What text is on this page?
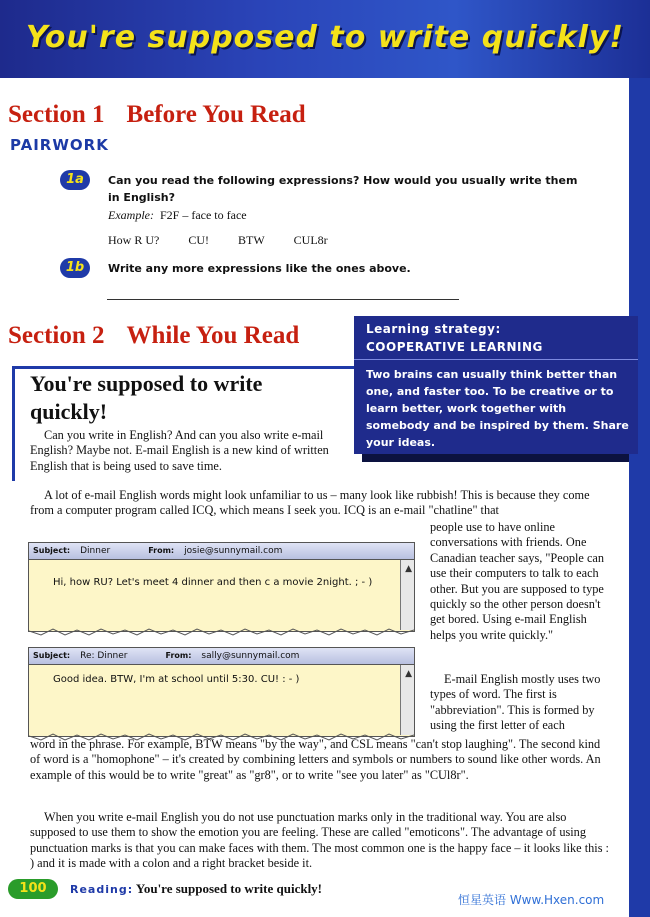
You're supposed to write quickly!
Section 1 Before You Read
PAIRWORK
1a	Can you read the following expressions? How would you usually write them in English?
Example: F2F – face to face
How R U? CU! BTW CUL8r
1b	Write any more expressions like the ones above.
Section 2 While You Read
You're supposed to write quickly!
Learning strategy:
COOPERATIVE LEARNING
Two brains can usually think better than one, and faster too. To be creative or to learn better, work together with somebody and be inspired by them. Share your ideas.
Can you write in English? And can you also write e-mail English? Maybe not. E-mail English is a new kind of written English that is being used to save time.
A lot of e-mail English words might look unfamiliar to us – many look like rubbish! This is because they come from a computer program called ICQ, which means I seek you. ICQ is an e-mail "chatline" that
people use to have online conversations with friends. One Canadian teacher says, "People can use their computers to talk to each other. But you are supposed to type quickly so the other person doesn't get bored. Using e-mail English helps you write quickly."
Subject: Dinner	From: josie@sunnymail.com
Hi, how RU? Let's meet 4 dinner and then c a movie 2night. ; - )
▲
Subject: Re: Dinner	From: sally@sunnymail.com
Good idea. BTW, I'm at school until 5:30. CU! : - )	▲	E-mail English mostly uses two types of word. The first is "abbreviation". This is formed by using the first letter of each
word in the phrase. For example, BTW means "by the way", and CSL means "can't stop laughing". The second kind of word is a "homophone" – it's created by combining letters and symbols or numbers to sound like other words. An example of this would be to write "great" as "gr8", or to write "see you later" as "CUl8r".
When you write e-mail English you do not use punctuation marks only in the traditional way. You are also supposed to use them to show the emotion you are feeling. These are called "emoticons". The advantage of using punctuation marks is that you can make faces with them. The most common one is the happy face – it looks like this : ) and it is made with a colon and a right bracket beside it.
100	Reading: You're supposed to write quickly!
恒星英语 Www.Hxen.com
